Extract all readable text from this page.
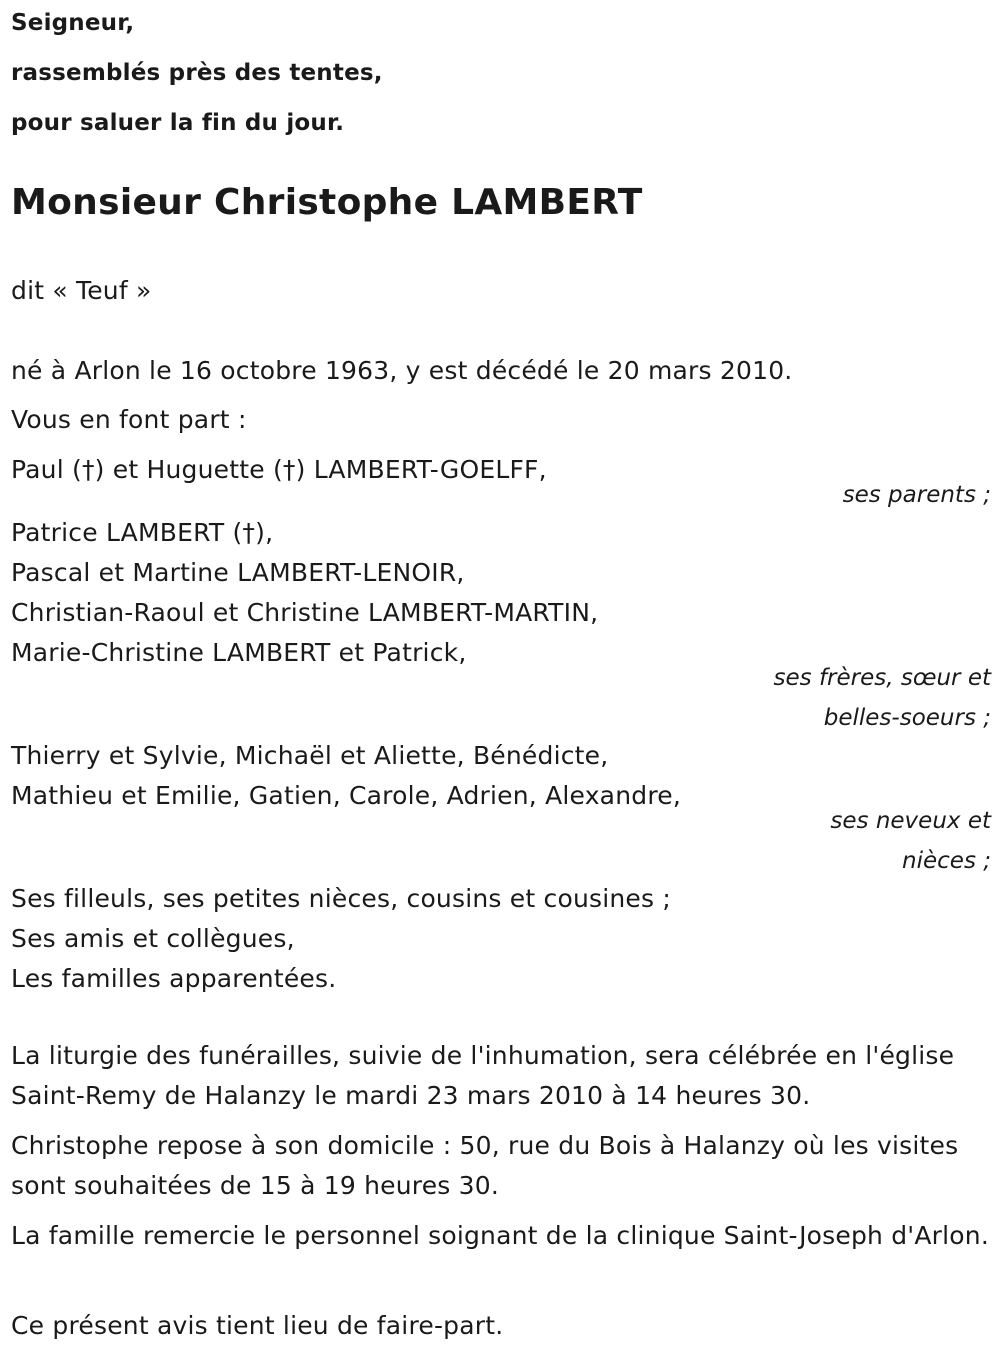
Seigneur,
rassemblés près des tentes,
pour saluer la fin du jour.
Monsieur Christophe LAMBERT
dit « Teuf »
né à Arlon le 16 octobre 1963, y est décédé le 20 mars 2010.
Vous en font part :
Paul (†) et Huguette (†) LAMBERT-GOELFF,
ses parents ;
Patrice LAMBERT (†),
Pascal et Martine LAMBERT-LENOIR,
Christian-Raoul et Christine LAMBERT-MARTIN,
Marie-Christine LAMBERT et Patrick,
ses frères, sœur et
belles-soeurs ;
Thierry et Sylvie, Michaël et Aliette, Bénédicte,
Mathieu et Emilie, Gatien, Carole, Adrien, Alexandre,
ses neveux et
nièces ;
Ses filleuls, ses petites nièces, cousins et cousines ;
Ses amis et collègues,
Les familles apparentées.
La liturgie des funérailles, suivie de l'inhumation, sera célébrée en l'église Saint-Remy de Halanzy le mardi 23 mars 2010 à 14 heures 30.
Christophe repose à son domicile : 50, rue du Bois à Halanzy où les visites sont souhaitées de 15 à 19 heures 30.
La famille remercie le personnel soignant de la clinique Saint-Joseph d'Arlon.
Ce présent avis tient lieu de faire-part.
